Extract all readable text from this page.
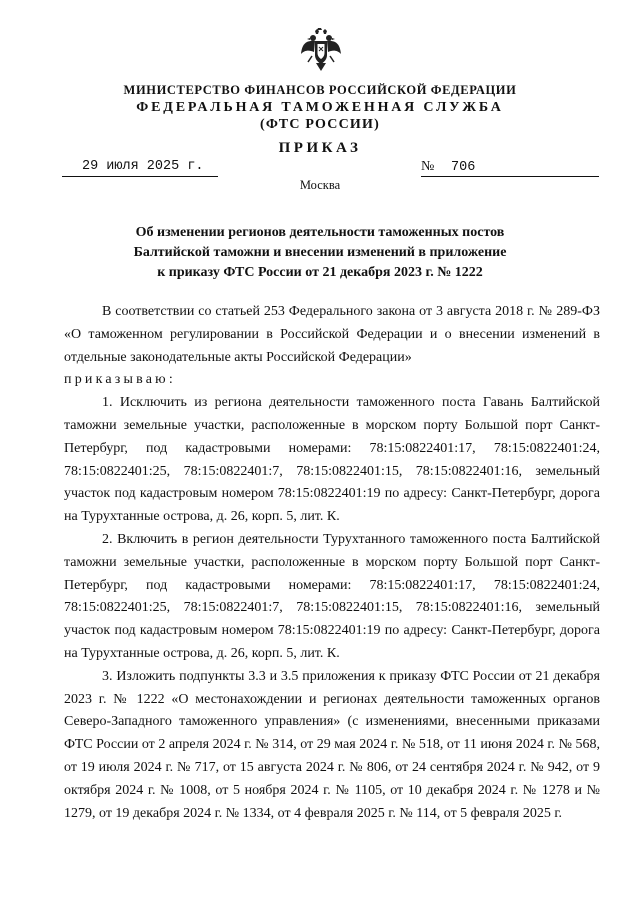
МИНИСТЕРСТВО ФИНАНСОВ РОССИЙСКОЙ ФЕДЕРАЦИИ
ФЕДЕРАЛЬНАЯ ТАМОЖЕННАЯ СЛУЖБА
(ФТС РОССИИ)
ПРИКАЗ
29 июля 2025 г.	№ 706
Москва
Об изменении регионов деятельности таможенных постов
Балтийской таможни и внесении изменений в приложение
к приказу ФТС России от 21 декабря 2023 г. № 1222

В соответствии со статьей 253 Федерального закона от 3 августа 2018 г. № 289-ФЗ «О таможенном регулировании в Российской Федерации и о внесении изменений в отдельные законодательные акты Российской Федерации»

приказываю:

1. Исключить из региона деятельности таможенного поста Гавань Балтийской таможни земельные участки, расположенные в морском порту Большой порт Санкт-Петербург, под кадастровыми номерами: 78:15:0822401:17, 78:15:0822401:24, 78:15:0822401:25, 78:15:0822401:7, 78:15:0822401:15, 78:15:0822401:16, земельный участок под кадастровым номером 78:15:0822401:19 по адресу: Санкт-Петербург, дорога на Турухтанные острова, д. 26, корп. 5, лит. К.

2. Включить в регион деятельности Турухтанного таможенного поста Балтийской таможни земельные участки, расположенные в морском порту Большой порт Санкт-Петербург, под кадастровыми номерами: 78:15:0822401:17, 78:15:0822401:24, 78:15:0822401:25, 78:15:0822401:7, 78:15:0822401:15, 78:15:0822401:16, земельный участок под кадастровым номером 78:15:0822401:19 по адресу: Санкт-Петербург, дорога на Турухтанные острова, д. 26, корп. 5, лит. К.

3. Изложить подпункты 3.3 и 3.5 приложения к приказу ФТС России от 21 декабря 2023 г. № 1222 «О местонахождении и регионах деятельности таможенных органов Северо-Западного таможенного управления» (с изменениями, внесенными приказами ФТС России от 2 апреля 2024 г. № 314, от 29 мая 2024 г. № 518, от 11 июня 2024 г. № 568, от 19 июля 2024 г. № 717, от 15 августа 2024 г. № 806, от 24 сентября 2024 г. № 942, от 9 октября 2024 г. № 1008, от 5 ноября 2024 г. № 1105, от 10 декабря 2024 г. № 1278 и № 1279, от 19 декабря 2024 г. № 1334, от 4 февраля 2025 г. № 114, от 5 февраля 2025 г.
